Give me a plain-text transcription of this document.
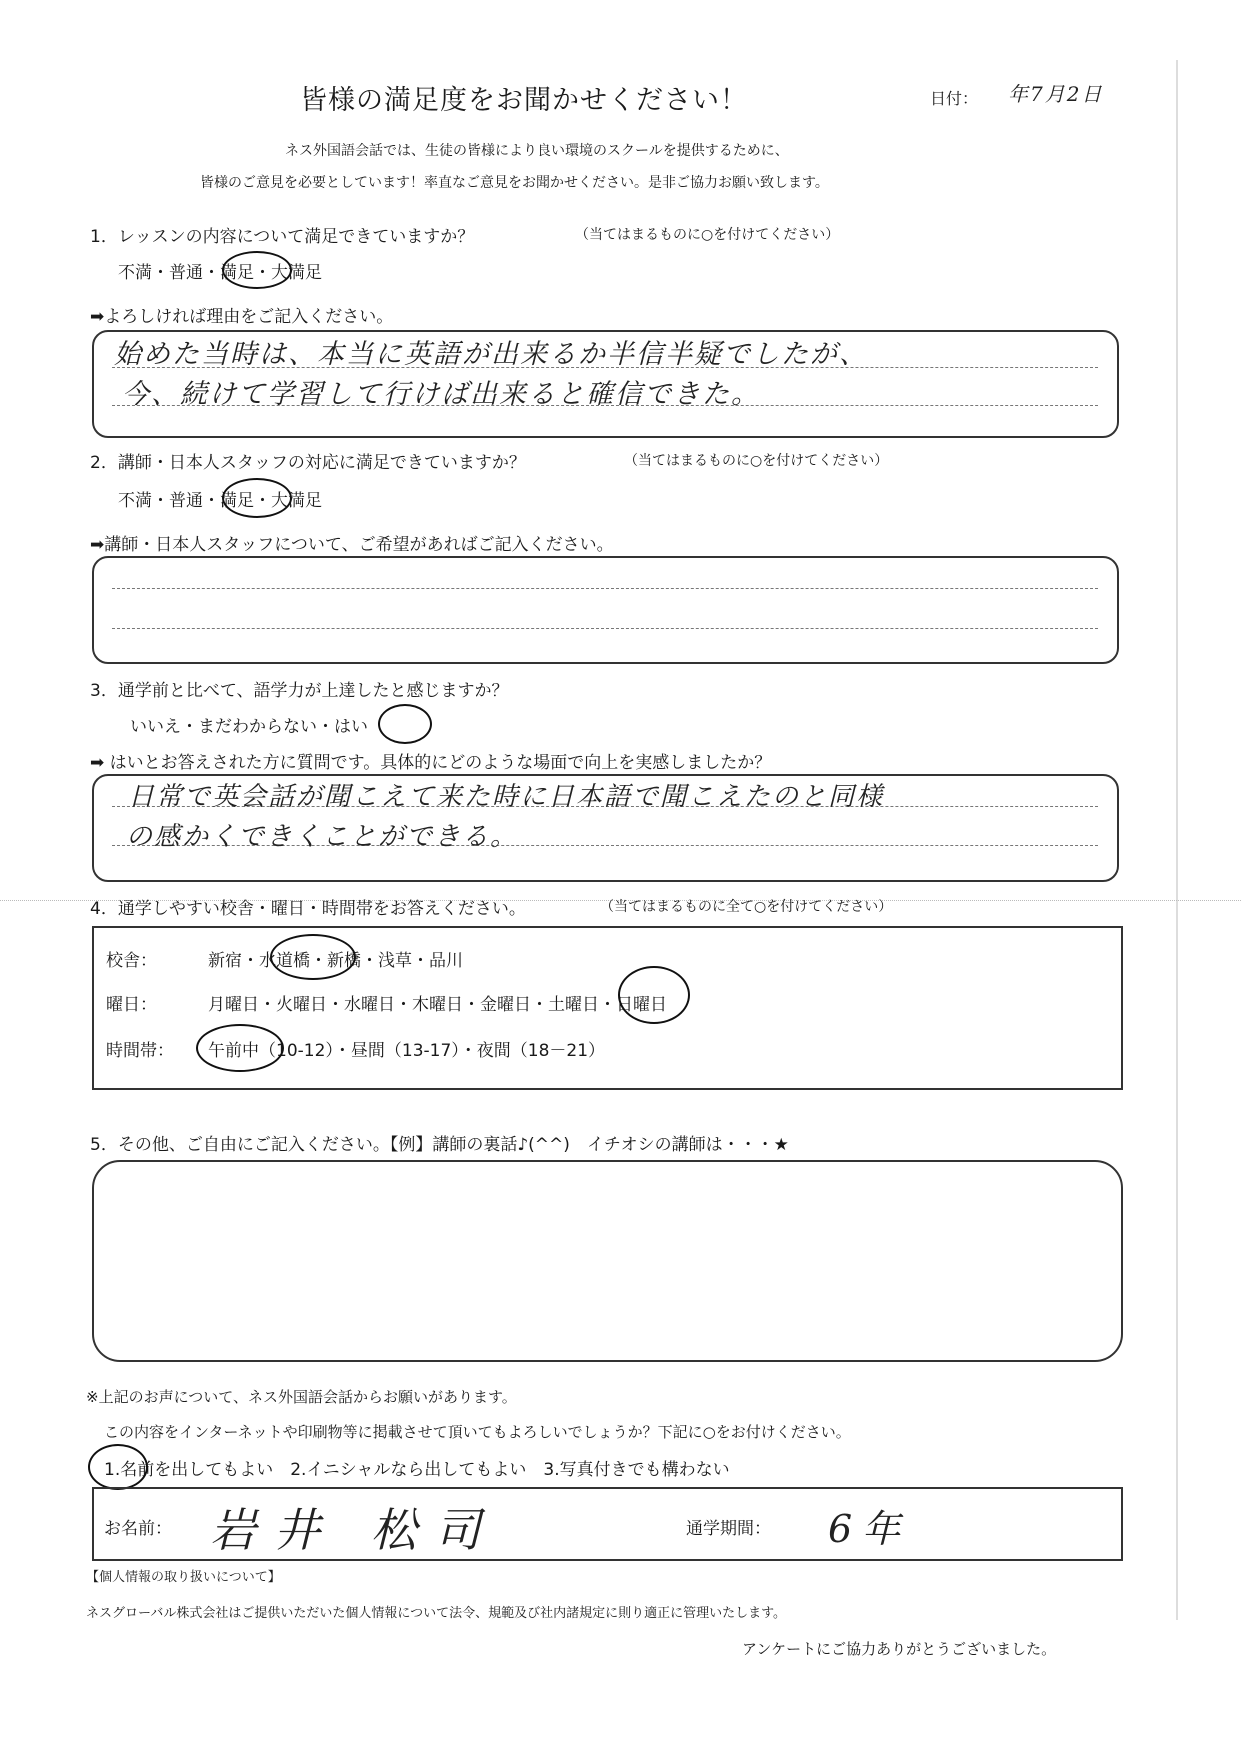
皆様の満足度をお聞かせください！	日付： 年7月2日
ネス外国語会話では、生徒の皆様により良い環境のスクールを提供するために、
皆様のご意見を必要としています！率直なご意見をお聞かせください。是非ご協力お願い致します。
1．レッスンの内容について満足できていますか？	（当てはまるものに○を付けてください）
不満・普通・満足・大満足
➡よろしければ理由をご記入ください。
始めた当時は、本当に英語が出来るか半信半疑でしたが、
今、続けて学習して行けば出来ると確信できた。
2．講師・日本人スタッフの対応に満足できていますか？	（当てはまるものに○を付けてください）
不満・普通・満足・大満足
➡講師・日本人スタッフについて、ご希望があればご記入ください。
3．通学前と比べて、語学力が上達したと感じますか？
いいえ・まだわからない・はい
➡ はいとお答えされた方に質問です。具体的にどのような場面で向上を実感しましたか？
日常で英会話が聞こえて来た時に日本語で聞こえたのと同様
の感かくできくことができる。
4．通学しやすい校舎・曜日・時間帯をお答えください。	（当てはまるものに全て○を付けてください）
校舎：	新宿・水道橋・新橋・浅草・品川
曜日：	月曜日・火曜日・水曜日・木曜日・金曜日・土曜日・日曜日
時間帯： 午前中（10-12）・昼間（13-17）・夜間（18－21）
5．その他、ご自由にご記入ください。【例】講師の裏話♪(^^)　イチオシの講師は・・・★
※上記のお声について、ネス外国語会話からお願いがあります。
この内容をインターネットや印刷物等に掲載させて頂いてもよろしいでしょうか？下記に○をお付けください。
1.名前を出してもよい　2.イニシャルなら出してもよい　3.写真付きでも構わない
お名前： 岩井 松司	通学期間： 6年
【個人情報の取り扱いについて】
ネスグローバル株式会社はご提供いただいた個人情報について法令、規範及び社内諸規定に則り適正に管理いたします。
アンケートにご協力ありがとうございました。
